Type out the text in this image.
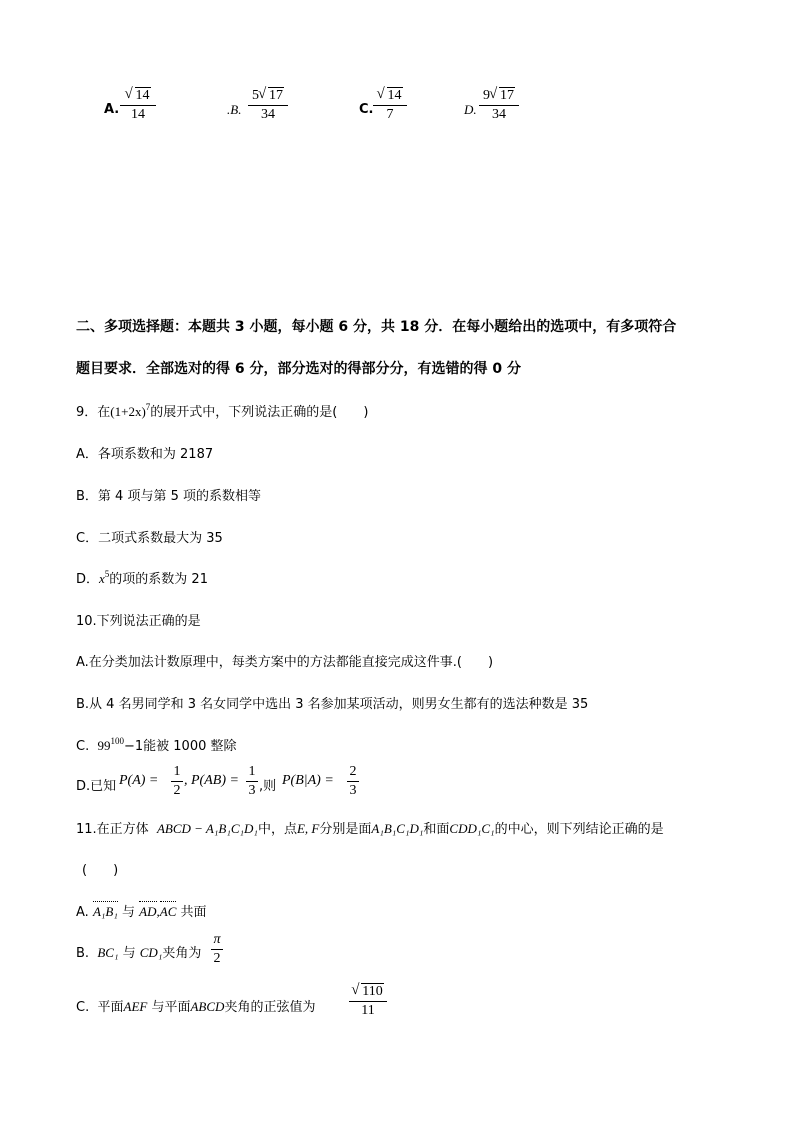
A.
√ 14
14	.B.
5 √ 17
34	C.
√ 14
7	D.
9 √ 17
34
二、多项选择题：本题共 3 小题，每小题 6 分，共 18 分．在每小题给出的选项中，有多项符合
题目要求．全部选对的得 6 分，部分选对的得部分分，有选错的得 0 分
9．在$(1+2x)^7$的展开式中，下列说法正确的是(　　)
A．各项系数和为 2187
B．第 4 项与第 5 项的系数相等
C．二项式系数最大为 35
D．$x^5$的项的系数为 21
10.下列说法正确的是
A.在分类加法计数原理中，每类方案中的方法都能直接完成这件事.(　　)
B.从 4 名男同学和 3 名女同学中选出 3 名参加某项活动，则男女生都有的选法种数是 35
C. $99^{100}-1$能被 1000 整除
D.已知 P(A) =
1
2
, P(AB) =
1
3 ,则 P(B|A) =
2
3
11.在正方体 ABCD − A₁B₁C₁D₁中，点E, F分别是面A₁B₁C₁D₁和面CDD₁C₁的中心，则下列结论正确的是
(　　)
A. A₁B₁ 与 AD,AC 共面
B. BC₁ 与 CD₁夹角为
π
2
C. 平面AEF 与平面ABCD夹角的正弦值为
√ 110
11
